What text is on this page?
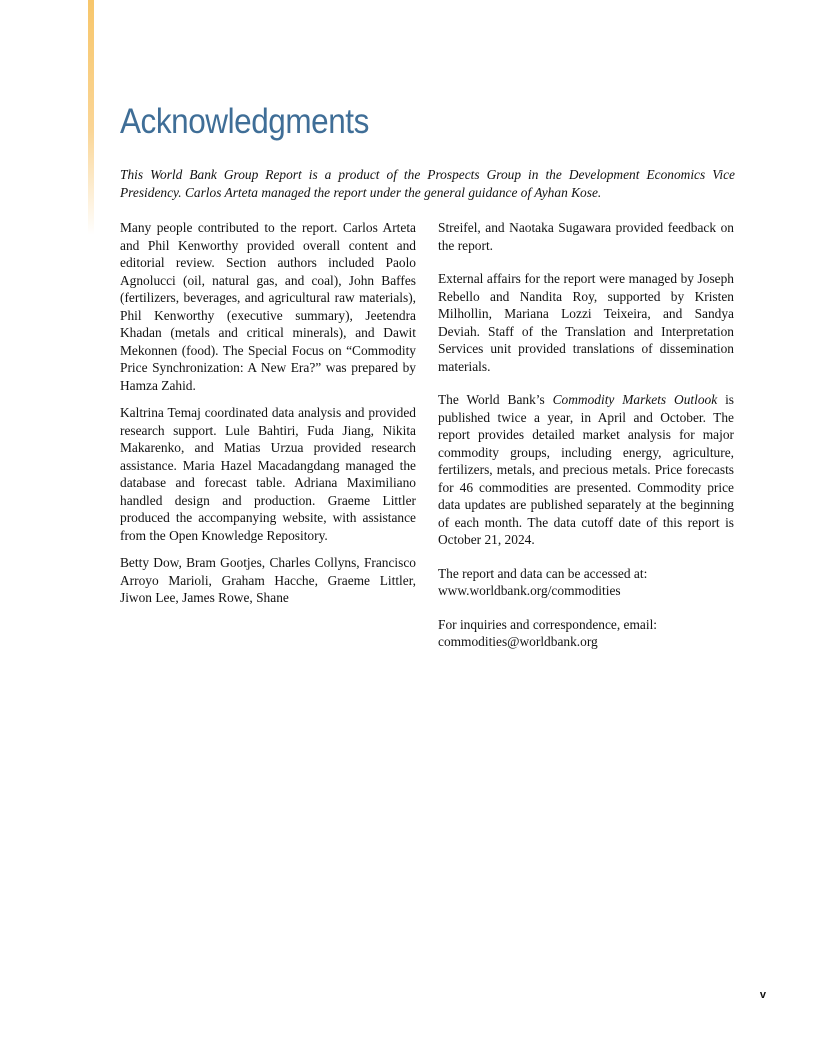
Acknowledgments

This World Bank Group Report is a product of the Prospects Group in the Development Economics Vice Presidency. Carlos Arteta managed the report under the general guidance of Ayhan Kose.

Many people contributed to the report. Carlos Arteta and Phil Kenworthy provided overall content and editorial review. Section authors included Paolo Agnolucci (oil, natural gas, and coal), John Baffes (fertilizers, beverages, and agricultural raw materials), Phil Kenworthy (executive summary), Jeetendra Khadan (metals and critical minerals), and Dawit Mekonnen (food). The Special Focus on “Commodity Price Synchronization: A New Era?” was prepared by Hamza Zahid.

Kaltrina Temaj coordinated data analysis and provided research support. Lule Bahtiri, Fuda Jiang, Nikita Makarenko, and Matias Urzua provided research assistance. Maria Hazel Macadangdang managed the database and forecast table. Adriana Maximiliano handled design and production. Graeme Littler produced the accompanying website, with assistance from the Open Knowledge Repository.

Betty Dow, Bram Gootjes, Charles Collyns, Francisco Arroyo Marioli, Graham Hacche, Graeme Littler, Jiwon Lee, James Rowe, Shane

Streifel, and Naotaka Sugawara provided feedback on the report.

External affairs for the report were managed by Joseph Rebello and Nandita Roy, supported by Kristen Milhollin, Mariana Lozzi Teixeira, and Sandya Deviah. Staff of the Translation and Interpretation Services unit provided translations of dissemination materials.

The World Bank’s Commodity Markets Outlook is published twice a year, in April and October. The report provides detailed market analysis for major commodity groups, including energy, agriculture, fertilizers, metals, and precious metals. Price forecasts for 46 commodities are presented. Commodity price data updates are published separately at the beginning of each month. The data cutoff date of this report is October 21, 2024.

The report and data can be accessed at:
www.worldbank.org/commodities

For inquiries and correspondence, email:
commodities@worldbank.org

v
